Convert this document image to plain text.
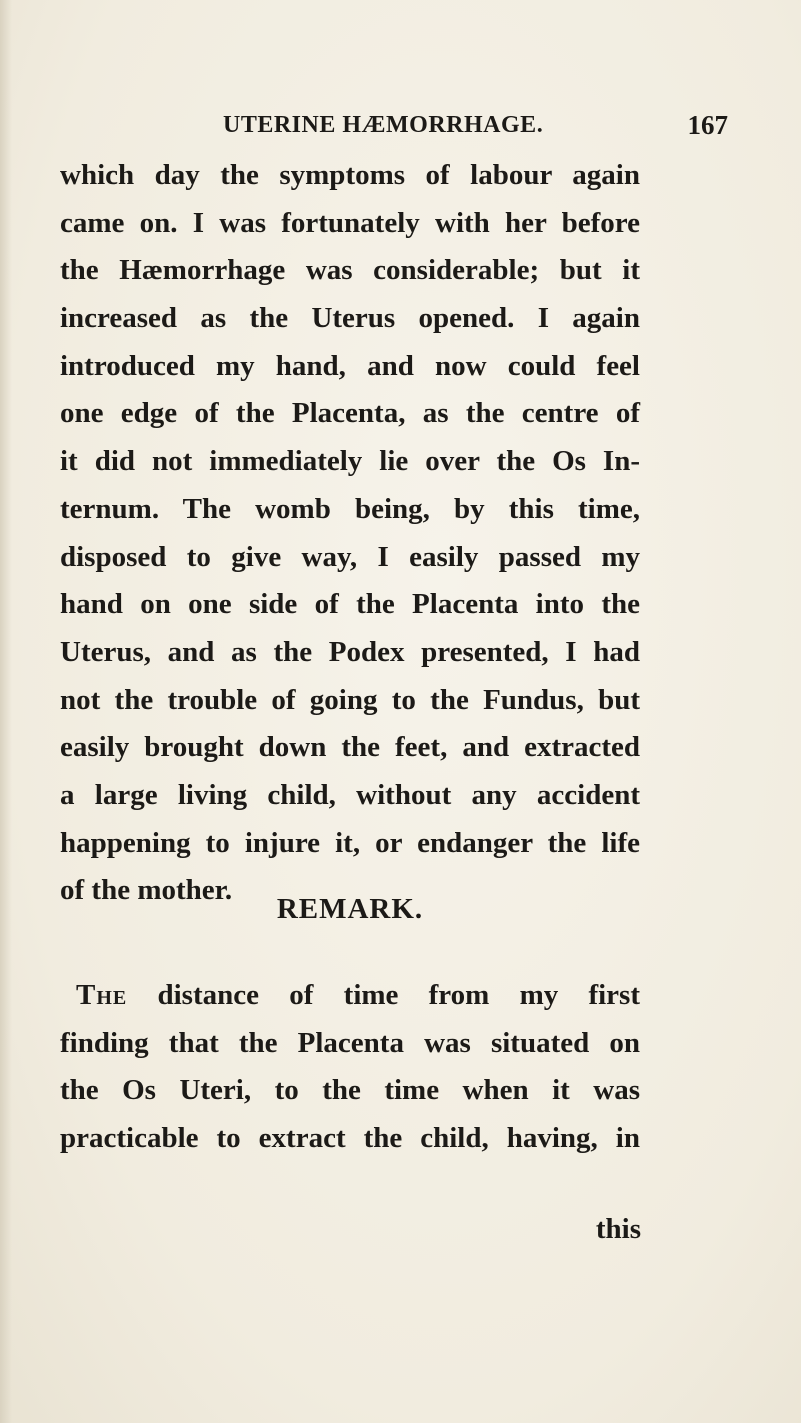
UTERINE HÆMORRHAGE.	167
which day the symptoms of labour again
came on. I was fortunately with her before
the Hæmorrhage was considerable; but it
increased as the Uterus opened. I again
introduced my hand, and now could feel
one edge of the Placenta, as the centre of
it did not immediately lie over the Os In-
ternum. The womb being, by this time,
disposed to give way, I easily passed my
hand on one side of the Placenta into the
Uterus, and as the Podex presented, I had
not the trouble of going to the Fundus, but
easily brought down the feet, and extracted
a large living child, without any accident
happening to injure it, or endanger the life
of the mother.
REMARK.
The distance of time from my first
finding that the Placenta was situated on
the Os Uteri, to the time when it was
practicable to extract the child, having, in
this
